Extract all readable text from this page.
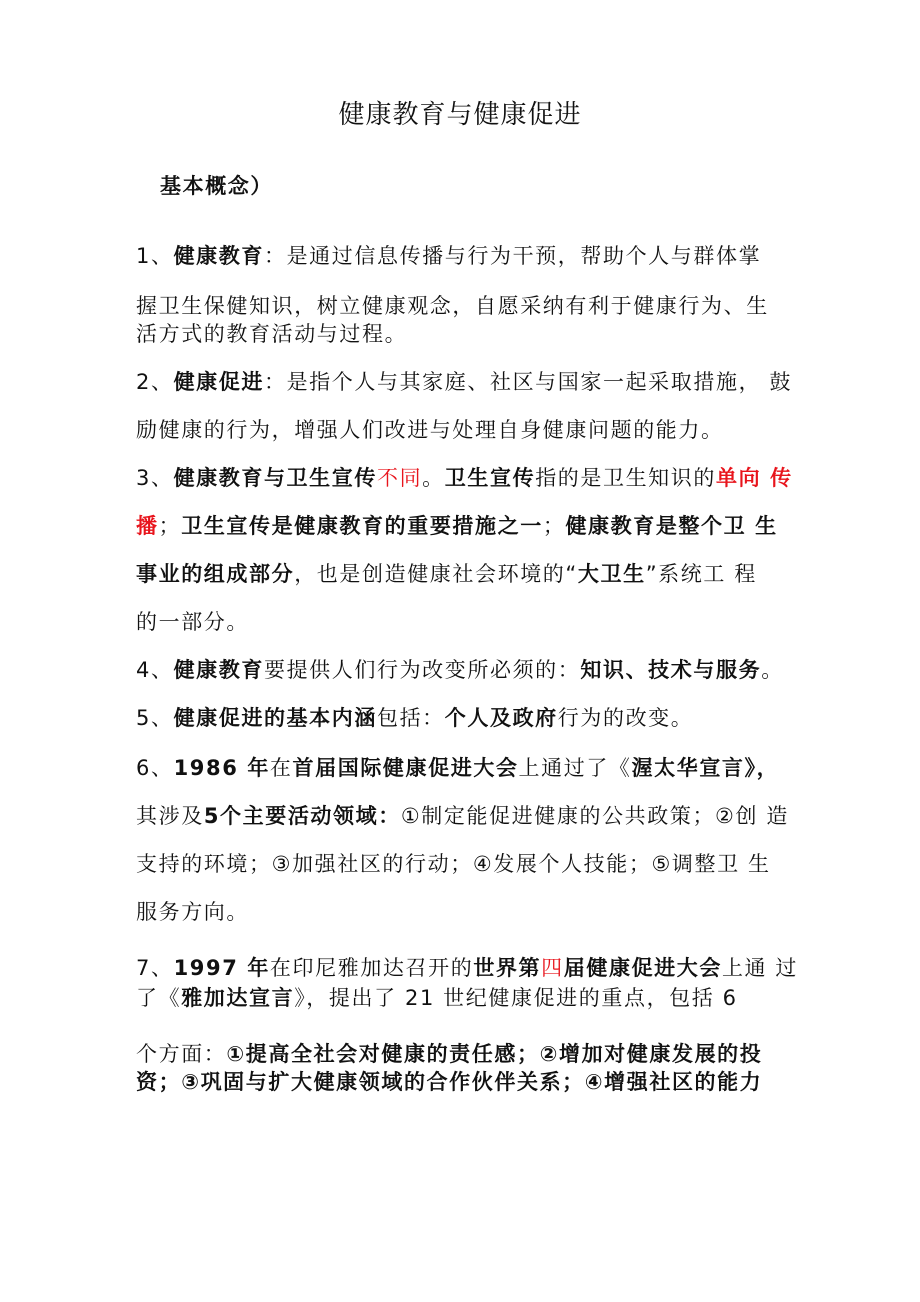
健康教育与健康促进
基本概念）
1、健康教育：是通过信息传播与行为干预，帮助个人与群体掌
握卫生保健知识，树立健康观念，自愿采纳有利于健康行为、生
活方式的教育活动与过程。
2、健康促进：是指个人与其家庭、社区与国家一起采取措施， 鼓
励健康的行为，增强人们改进与处理自身健康问题的能力。
3、健康教育与卫生宣传不同。卫生宣传指的是卫生知识的单向 传
播；卫生宣传是健康教育的重要措施之一；健康教育是整个卫 生
事业的组成部分，也是创造健康社会环境的“大卫生”系统工 程
的一部分。
4、健康教育要提供人们行为改变所必须的：知识、技术与服务。
5、健康促进的基本内涵包括：个人及政府行为的改变。
6、1986 年在首届国际健康促进大会上通过了《渥太华宣言》，
其涉及5个主要活动领域：①制定能促进健康的公共政策；②创 造
支持的环境；③加强社区的行动；④发展个人技能；⑤调整卫 生
服务方向。
7、1997 年在印尼雅加达召开的世界第四届健康促进大会上通 过
了《雅加达宣言》，提出了 21 世纪健康促进的重点，包括 6
个方面：①提高全社会对健康的责任感；②增加对健康发展的投
资；③巩固与扩大健康领域的合作伙伴关系；④增强社区的能力
